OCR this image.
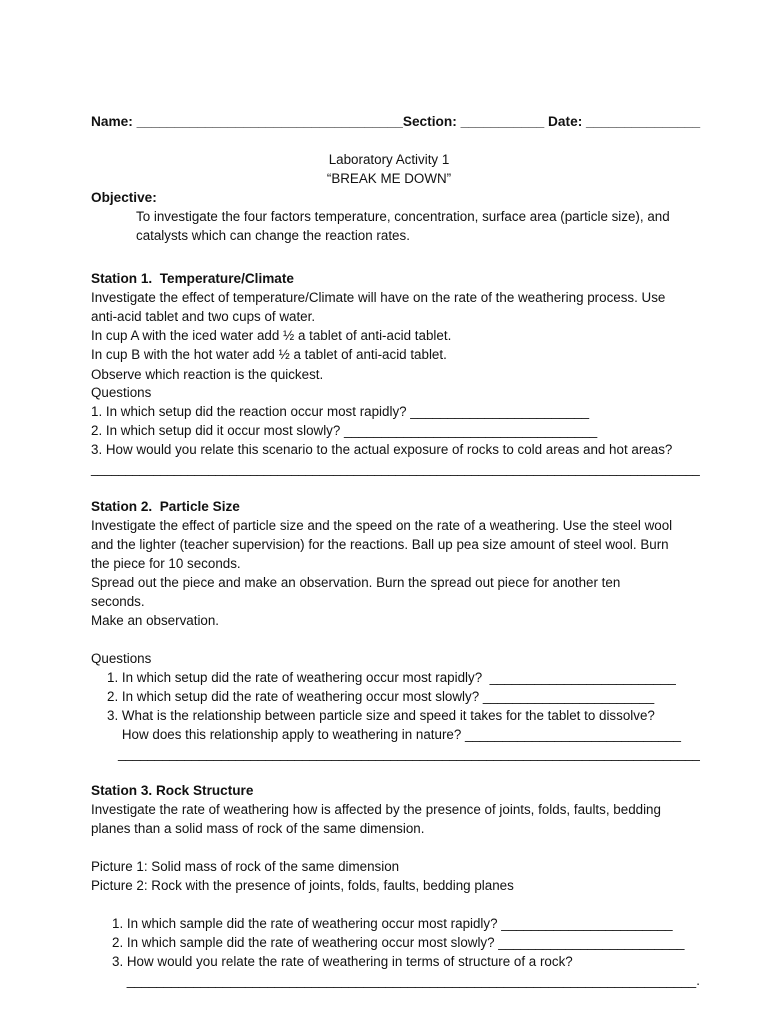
Name: ___________________________________Section: ___________ Date: _______________
Laboratory Activity 1
“BREAK ME DOWN”
Objective:
To investigate the four factors temperature, concentration, surface area (particle size), and
catalysts which can change the reaction rates.
Station 1.  Temperature/Climate
Investigate the effect of temperature/Climate will have on the rate of the weathering process. Use
anti-acid tablet and two cups of water.
In cup A with the iced water add ½ a tablet of anti-acid tablet.
In cup B with the hot water add ½ a tablet of anti-acid tablet.
Observe which reaction is the quickest.
Questions
1. In which setup did the reaction occur most rapidly? ________________________
2. In which setup did it occur most slowly? __________________________________
3. How would you relate this scenario to the actual exposure of rocks to cold areas and hot areas?
________________________________________________________________________________________
Station 2.  Particle Size
Investigate the effect of particle size and the speed on the rate of a weathering. Use the steel wool
and the lighter (teacher supervision) for the reactions. Ball up pea size amount of steel wool. Burn
the piece for 10 seconds.
Spread out the piece and make an observation. Burn the spread out piece for another ten
seconds.
Make an observation.
Questions
1. In which setup did the rate of weathering occur most rapidly?  _________________________
2. In which setup did the rate of weathering occur most slowly? _______________________
3. What is the relationship between particle size and speed it takes for the tablet to dissolve?
How does this relationship apply to weathering in nature? _____________________________
_______________________________________________________________________________
Station 3. Rock Structure
Investigate the rate of weathering how is affected by the presence of joints, folds, faults, bedding
planes than a solid mass of rock of the same dimension.
Picture 1: Solid mass of rock of the same dimension
Picture 2: Rock with the presence of joints, folds, faults, bedding planes
1. In which sample did the rate of weathering occur most rapidly? _______________________
2. In which sample did the rate of weathering occur most slowly? _________________________
3. How would you relate the rate of weathering in terms of structure of a rock?
_____________________________________________________________________________.
